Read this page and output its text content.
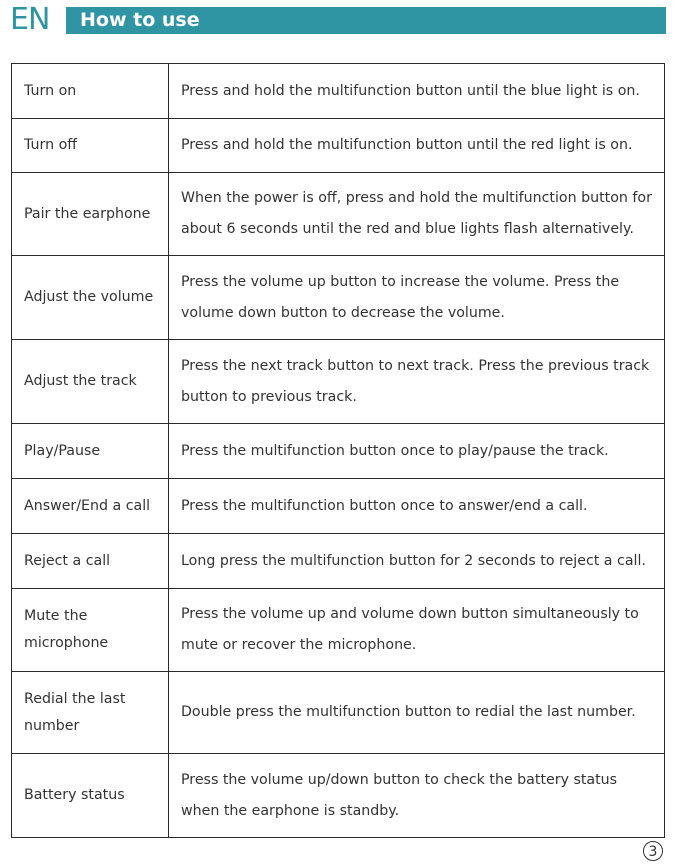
EN How to use
Turn on	Press and hold the multifunction button until the blue light is on.
Turn off	Press and hold the multifunction button until the red light is on.
Pair the earphone	When the power is off, press and hold the multifunction button for about 6 seconds until the red and blue lights flash alternatively.
Adjust the volume	Press the volume up button to increase the volume. Press the volume down button to decrease the volume.
Adjust the track	Press the next track button to next track. Press the previous track button to previous track.
Play/Pause	Press the multifunction button once to play/pause the track.
Answer/End a call	Press the multifunction button once to answer/end a call.
Reject a call	Long press the multifunction button for 2 seconds to reject a call.
Mute the microphone	Press the volume up and volume down button simultaneously to mute or recover the microphone.
Redial the last number	Double press the multifunction button to redial the last number.
Battery status	Press the volume up/down button to check the battery status when the earphone is standby.
3
